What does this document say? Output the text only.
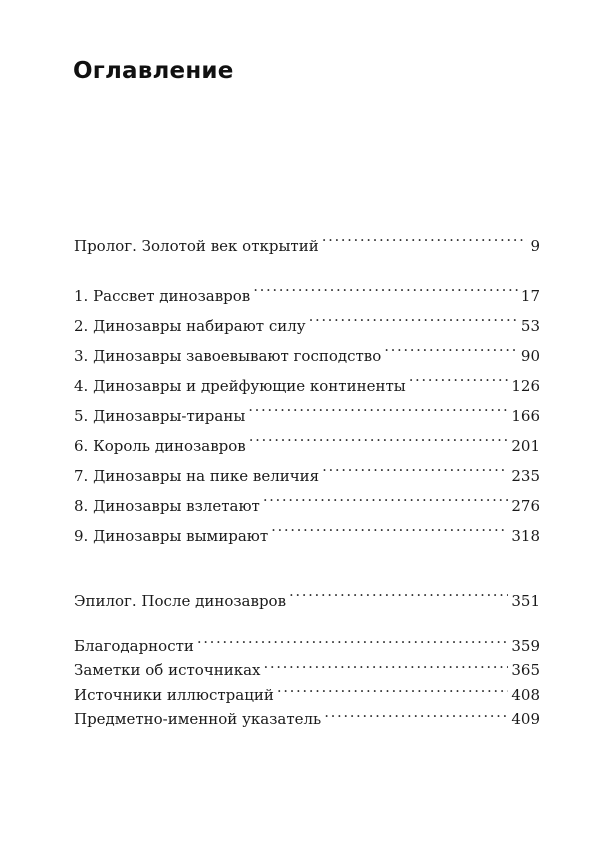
Оглавление
Пролог. Золотой век открытий .....	9
1. Рассвет динозавров .....	17
2. Динозавры набирают силу .....	53
3. Динозавры завоевывают господство .....	90
4. Динозавры и дрейфующие континенты .....	126
5. Динозавры-тираны .....	166
6. Король динозавров .....	201
7. Динозавры на пике величия .....	235
8. Динозавры взлетают .....	276
9. Динозавры вымирают .....	318
Эпилог. После динозавров .....	351
Благодарности .....	359
Заметки об источниках .....	365
Источники иллюстраций .....	408
Предметно-именной указатель .....	409
